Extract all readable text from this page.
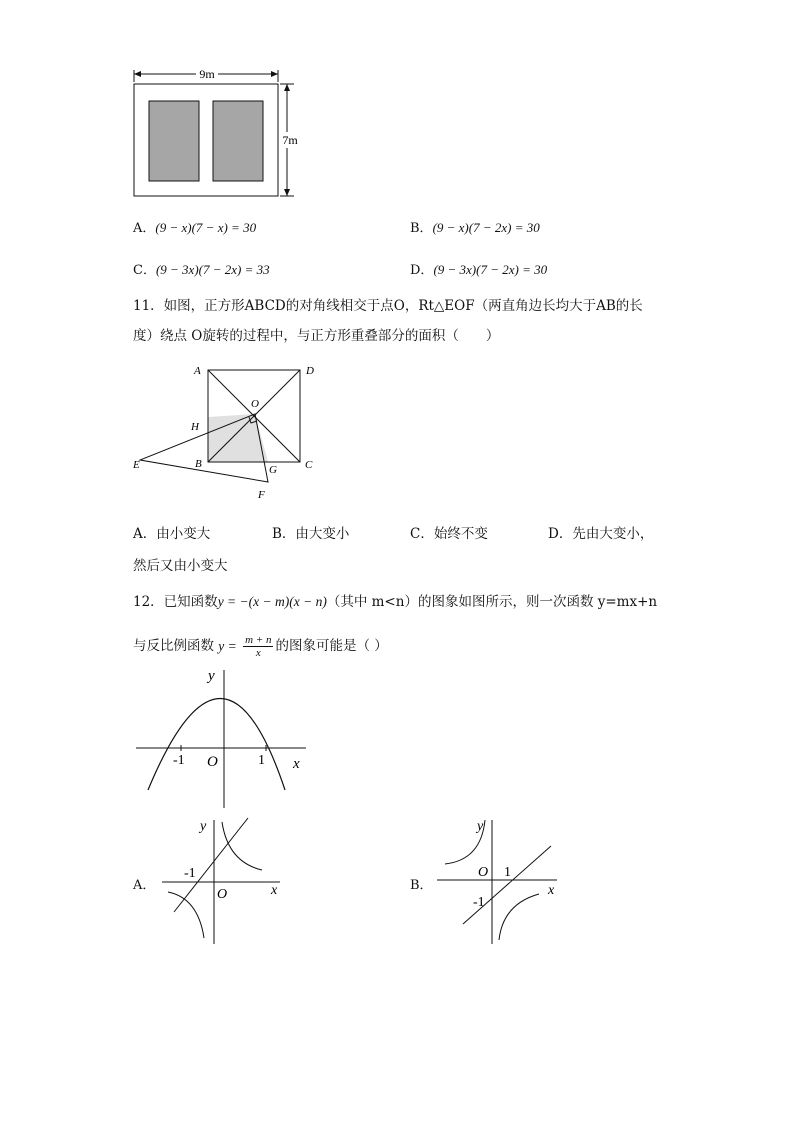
9m
7m
A．(9 − x)(7 − x) = 30	B．(9 − x)(7 − 2x) = 30
C．(9 − 3x)(7 − 2x) = 33	D．(9 − 3x)(7 − 2x) = 30
11．如图，正方形ABCD的对角线相交于点O，Rt△EOF（两直角边长均大于AB的长
度）绕点 O旋转的过程中，与正方形重叠部分的面积（　　）
A	D
O
H
E	B	G	C
F
A．由小变大	B．由大变小	C．始终不变	D．先由大变小，
然后又由小变大
12．已知函数y = −(x − m)(x − n)（其中 m<n）的图象如图所示，则一次函数 y=mx+n
与反比例函数 $y = \frac{m + n}{x}$ 的图象可能是（ ）
y
x
O
-1	1
A．
y
x
O
-1
B．
y
x
O 1
-1
